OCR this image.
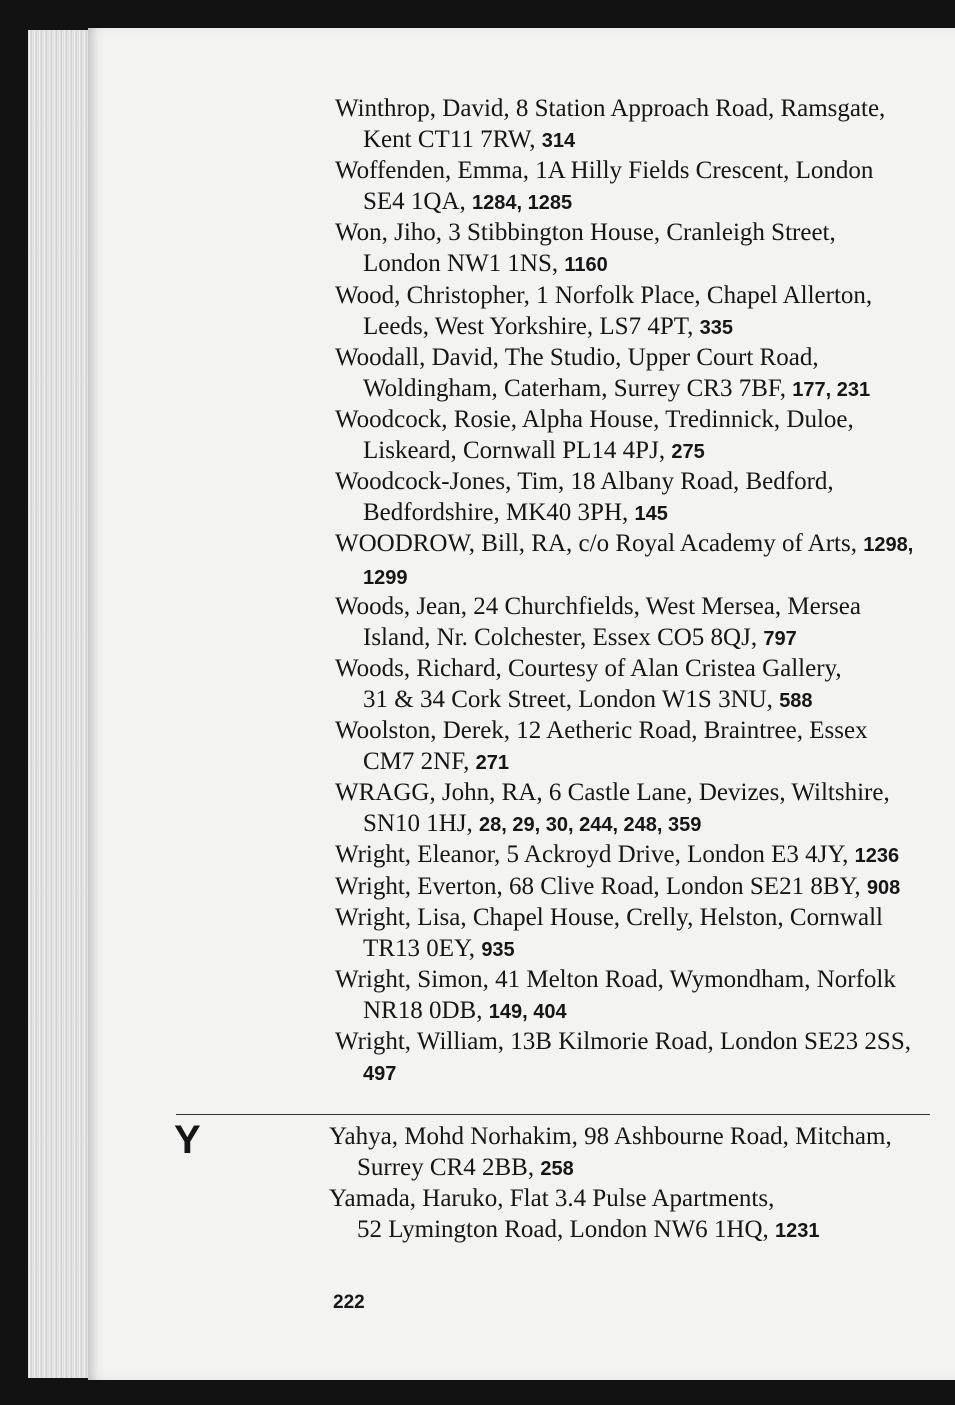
Winthrop, David, 8 Station Approach Road, Ramsgate,
Kent CT11 7RW, 314

Woffenden, Emma, 1A Hilly Fields Crescent, London
SE4 1QA, 1284, 1285

Won, Jiho, 3 Stibbington House, Cranleigh Street,
London NW1 1NS, 1160

Wood, Christopher, 1 Norfolk Place, Chapel Allerton,
Leeds, West Yorkshire, LS7 4PT, 335

Woodall, David, The Studio, Upper Court Road,
Woldingham, Caterham, Surrey CR3 7BF, 177, 231

Woodcock, Rosie, Alpha House, Tredinnick, Duloe,
Liskeard, Cornwall PL14 4PJ, 275

Woodcock-Jones, Tim, 18 Albany Road, Bedford,
Bedfordshire, MK40 3PH, 145

WOODROW, Bill, RA, c/o Royal Academy of Arts, 1298,
1299

Woods, Jean, 24 Churchfields, West Mersea, Mersea
Island, Nr. Colchester, Essex CO5 8QJ, 797

Woods, Richard, Courtesy of Alan Cristea Gallery,
31 & 34 Cork Street, London W1S 3NU, 588

Woolston, Derek, 12 Aetheric Road, Braintree, Essex
CM7 2NF, 271

WRAGG, John, RA, 6 Castle Lane, Devizes, Wiltshire,
SN10 1HJ, 28, 29, 30, 244, 248, 359

Wright, Eleanor, 5 Ackroyd Drive, London E3 4JY, 1236

Wright, Everton, 68 Clive Road, London SE21 8BY, 908

Wright, Lisa, Chapel House, Crelly, Helston, Cornwall
TR13 0EY, 935

Wright, Simon, 41 Melton Road, Wymondham, Norfolk
NR18 0DB, 149, 404

Wright, William, 13B Kilmorie Road, London SE23 2SS,
497

Yahya, Mohd Norhakim, 98 Ashbourne Road, Mitcham,
Surrey CR4 2BB, 258

Yamada, Haruko, Flat 3.4 Pulse Apartments,
52 Lymington Road, London NW6 1HQ, 1231

Y
222
